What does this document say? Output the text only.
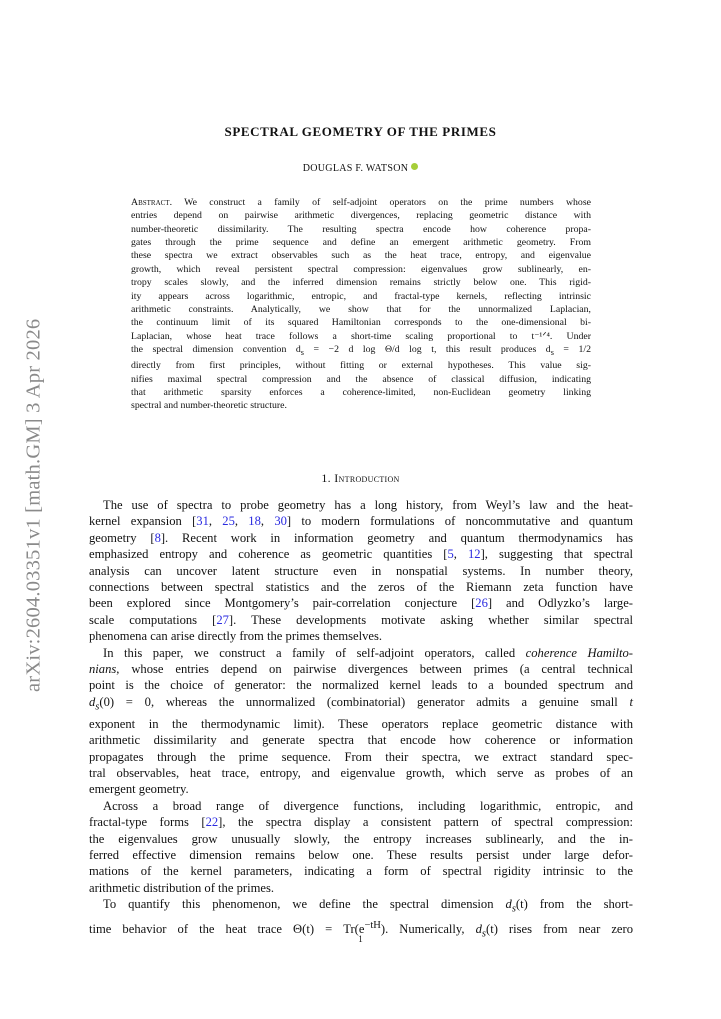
arXiv:2604.03351v1 [math.GM] 3 Apr 2026
SPECTRAL GEOMETRY OF THE PRIMES
DOUGLAS F. WATSON
Abstract. We construct a family of self-adjoint operators on the prime numbers whose
entries depend on pairwise arithmetic divergences, replacing geometric distance with
number-theoretic dissimilarity. The resulting spectra encode how coherence propa-
gates through the prime sequence and define an emergent arithmetic geometry. From
these spectra we extract observables such as the heat trace, entropy, and eigenvalue
growth, which reveal persistent spectral compression: eigenvalues grow sublinearly, en-
tropy scales slowly, and the inferred dimension remains strictly below one. This rigid-
ity appears across logarithmic, entropic, and fractal-type kernels, reflecting intrinsic
arithmetic constraints. Analytically, we show that for the unnormalized Laplacian,
the continuum limit of its squared Hamiltonian corresponds to the one-dimensional bi-
Laplacian, whose heat trace follows a short-time scaling proportional to t⁻¹ᐟ⁴. Under
the spectral dimension convention $d_s = -2$ d log Θ/d log t, this result produces $d_s = 1/2$
directly from first principles, without fitting or external hypotheses. This value sig-
nifies maximal spectral compression and the absence of classical diffusion, indicating
that arithmetic sparsity enforces a coherence-limited, non-Euclidean geometry linking
spectral and number-theoretic structure.
1. Introduction
The use of spectra to probe geometry has a long history, from Weyl’s law and the heat-
kernel expansion [31, 25, 18, 30] to modern formulations of noncommutative and quantum
geometry [8]. Recent work in information geometry and quantum thermodynamics has
emphasized entropy and coherence as geometric quantities [5, 12], suggesting that spectral
analysis can uncover latent structure even in nonspatial systems. In number theory,
connections between spectral statistics and the zeros of the Riemann zeta function have
been explored since Montgomery’s pair-correlation conjecture [26] and Odlyzko’s large-
scale computations [27]. These developments motivate asking whether similar spectral
phenomena can arise directly from the primes themselves.
In this paper, we construct a family of self-adjoint operators, called coherence Hamilto-
nians, whose entries depend on pairwise divergences between primes (a central technical
point is the choice of generator: the normalized kernel leads to a bounded spectrum and
$d_s(0) = 0$, whereas the unnormalized (combinatorial) generator admits a genuine small t
exponent in the thermodynamic limit). These operators replace geometric distance with
arithmetic dissimilarity and generate spectra that encode how coherence or information
propagates through the prime sequence. From their spectra, we extract standard spec-
tral observables, heat trace, entropy, and eigenvalue growth, which serve as probes of an
emergent geometry.
Across a broad range of divergence functions, including logarithmic, entropic, and
fractal-type forms [22], the spectra display a consistent pattern of spectral compression:
the eigenvalues grow unusually slowly, the entropy increases sublinearly, and the in-
ferred effective dimension remains below one. These results persist under large defor-
mations of the kernel parameters, indicating a form of spectral rigidity intrinsic to the
arithmetic distribution of the primes.
To quantify this phenomenon, we define the spectral dimension $d_s(t)$ from the short-
time behavior of the heat trace $\Theta(t) = Tr(e^{-tH})$. Numerically, $d_s(t)$ rises from near zero
1
